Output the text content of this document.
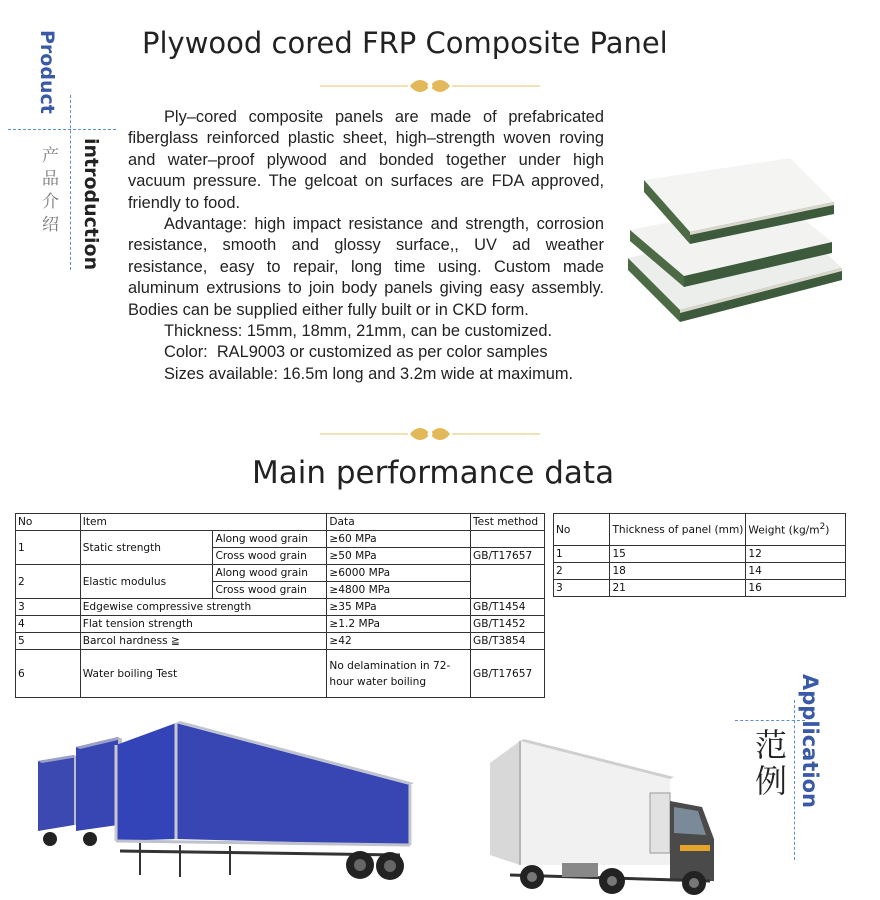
Product
产品介绍 introduction
Plywood cored FRP Composite Panel

Ply–cored composite panels are made of prefabricated fiberglass reinforced plastic sheet, high–strength woven roving and water–proof plywood and bonded together under high vacuum pressure. The gelcoat on surfaces are FDA approved, friendly to food.

Advantage: high impact resistance and strength, corrosion resistance, smooth and glossy surface,, UV ad weather resistance, easy to repair, long time using. Custom made aluminum extrusions to join body panels giving easy assembly. Bodies can be supplied either fully built or in CKD form.

Thickness: 15mm, 18mm, 21mm, can be customized.

Color:  RAL9003 or customized as per color samples

Sizes available: 16.5m long and 3.2m wide at maximum.

Main performance data
No	Item		Data	Test method
1	Static strength	Along wood grain	≥60 MPa	
		Cross wood grain	≥50 MPa	GB/T17657
2	Elastic modulus	Along wood grain	≥6000 MPa	
		Cross wood grain	≥4800 MPa	
3	Edgewise compressive strength		≥35 MPa	GB/T1454
4	Flat tension strength		≥1.2 MPa	GB/T1452
5	Barcol hardness ≧		≥42	GB/T3854
6	Water boiling Test		No delamination in 72-hour water boiling	GB/T17657
No	Thickness of panel (mm)	Weight $(kg/m^2)$
1	15	12
2	18	14
3	21	16
Application
范例
